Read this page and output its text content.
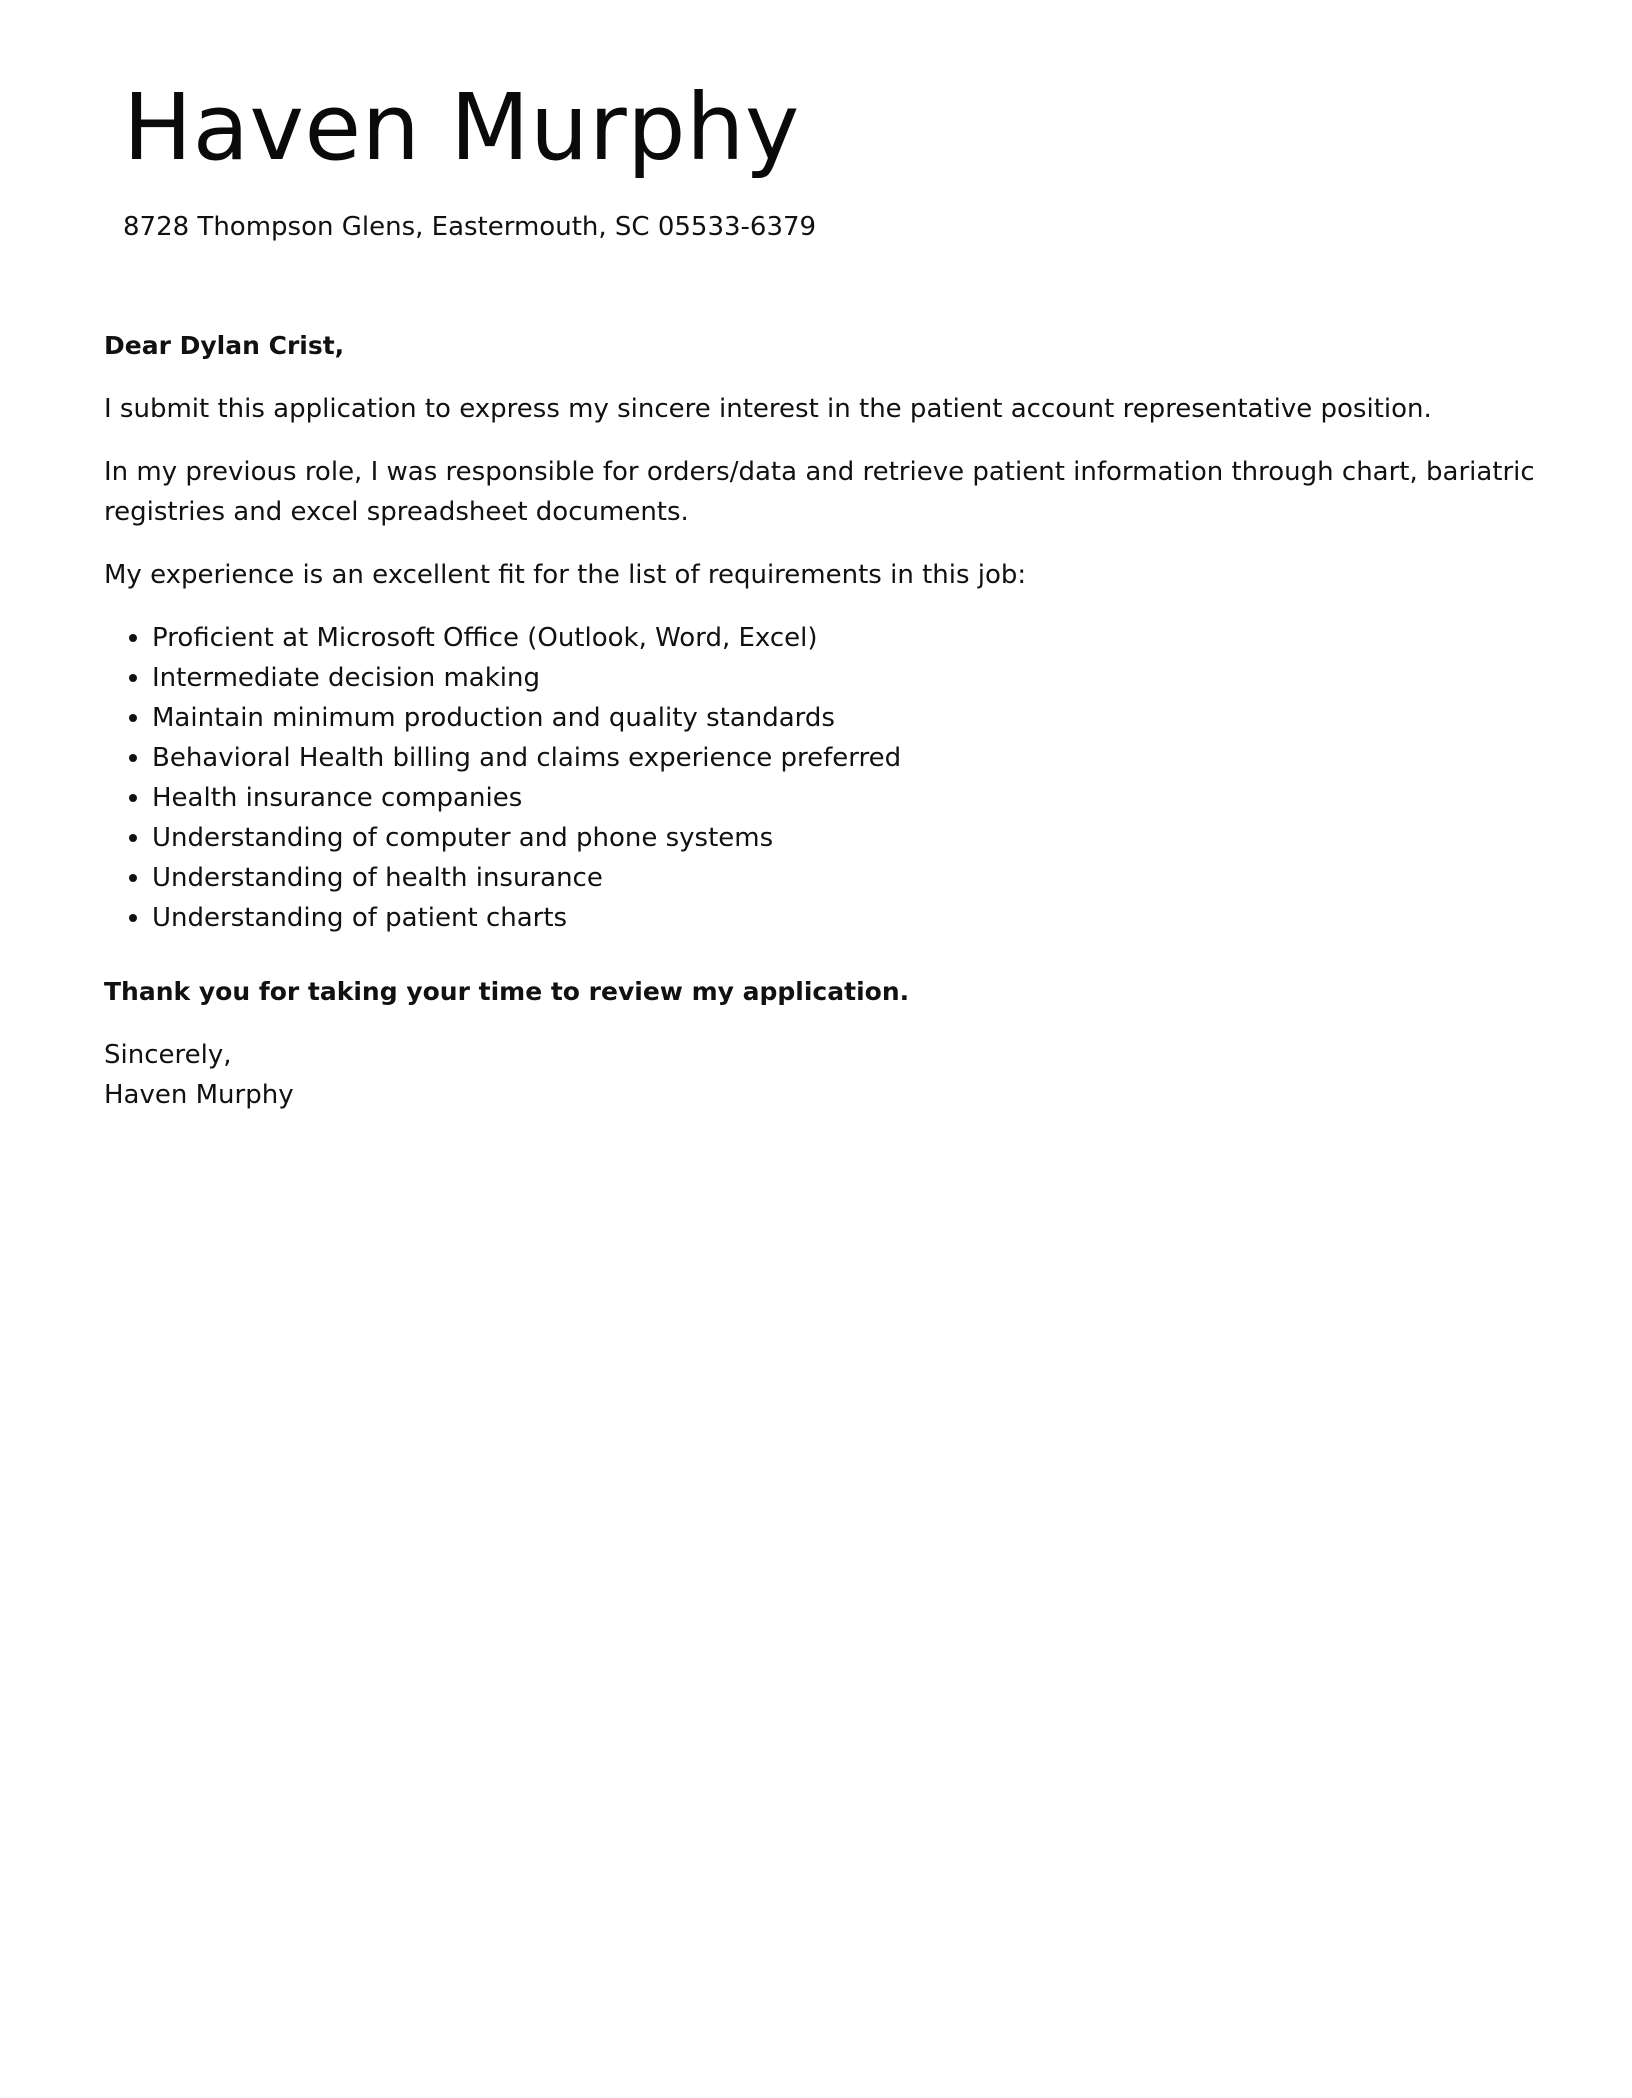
Haven Murphy
8728 Thompson Glens, Eastermouth, SC 05533-6379

Dear Dylan Crist,

I submit this application to express my sincere interest in the patient account representative position.

In my previous role, I was responsible for orders/data and retrieve patient information through chart, bariatric registries and excel spreadsheet documents.

My experience is an excellent fit for the list of requirements in this job:

Proficient at Microsoft Office (Outlook, Word, Excel)
Intermediate decision making
Maintain minimum production and quality standards
Behavioral Health billing and claims experience preferred
Health insurance companies
Understanding of computer and phone systems
Understanding of health insurance
Understanding of patient charts

Thank you for taking your time to review my application.

Sincerely,
Haven Murphy
